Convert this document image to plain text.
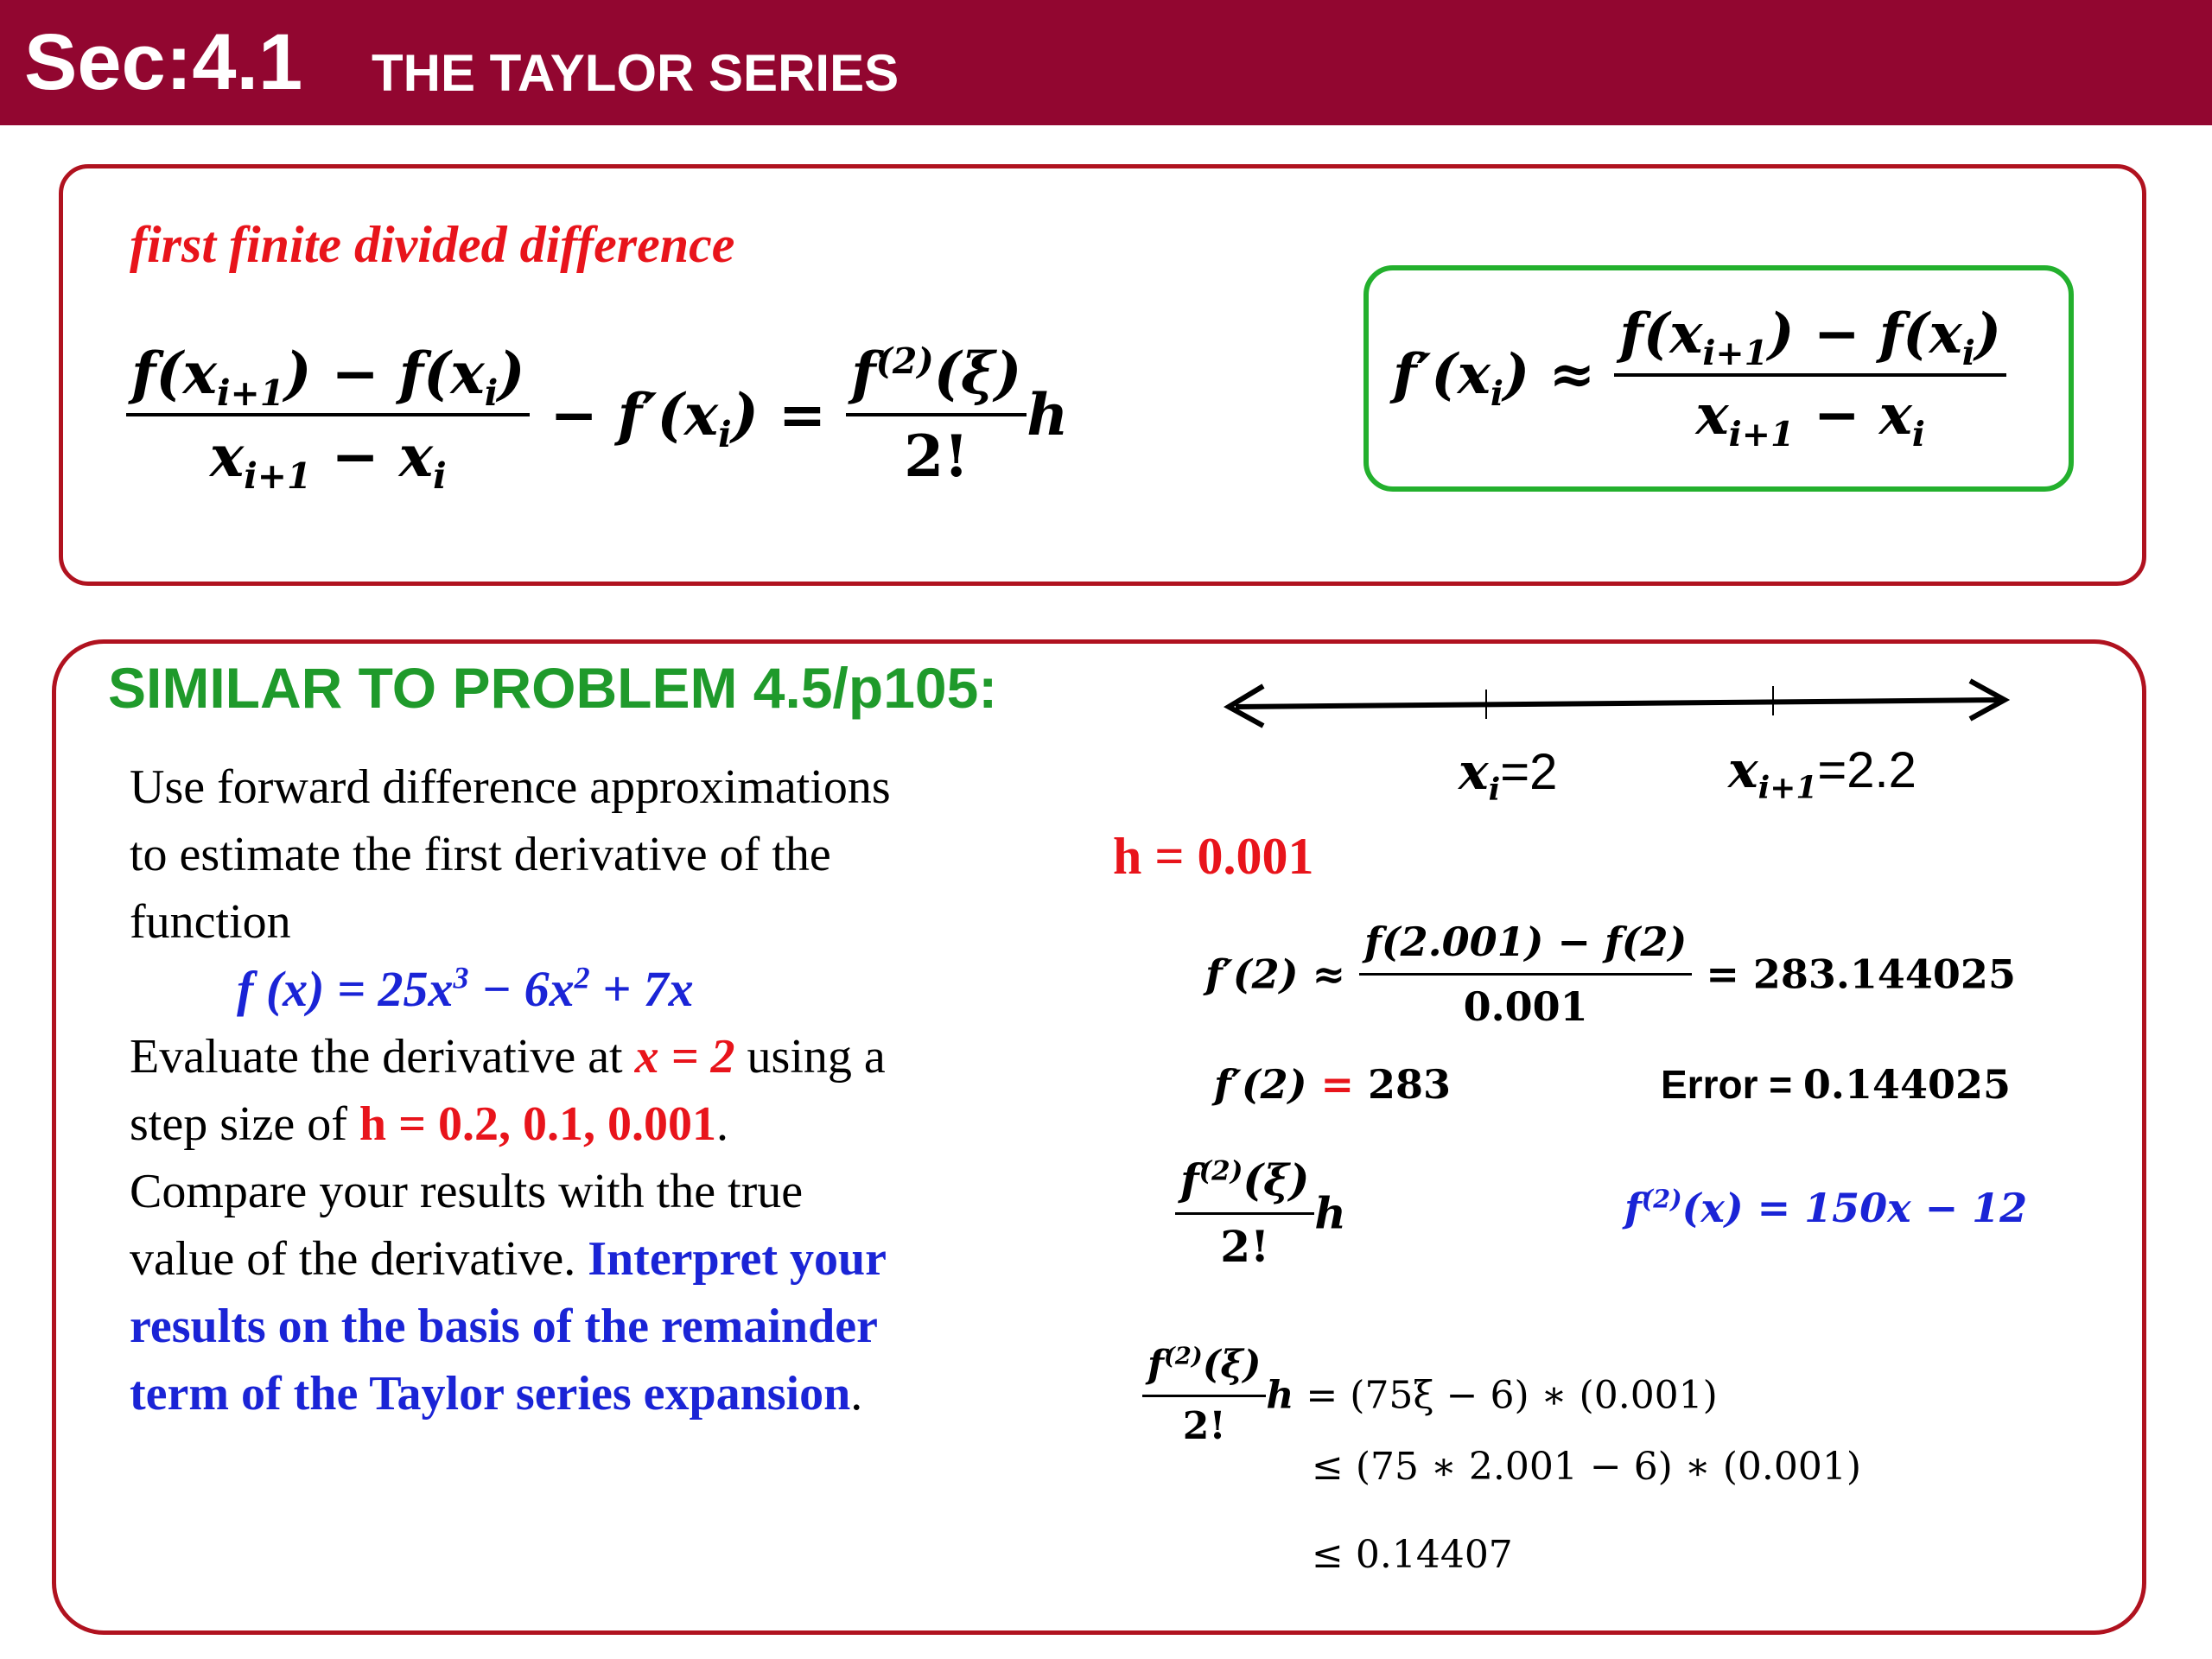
Sec:4.1 THE TAYLOR SERIES
first finite divided difference
$\frac{f(x_{i+1}) - f(x_i)}{x_{i+1} - x_i} - f'(x_i) = \frac{f^{(2)}(\xi)}{2!}$ h
$f'(x_i) \approx \frac{f(x_{i+1}) - f(x_i)}{x_{i+1} - x_i}$
SIMILAR TO PROBLEM 4.5/p105:
Use forward difference approximations
to estimate the first derivative of the
function
f $(x) = 25x^3 - 6x^2 + 7x$
Evaluate the derivative at x = 2 using a
step size of h = 0.2, 0.1, 0.001.
Compare your results with the true
value of the derivative. Interpret your
results on the basis of the remainder
term of the Taylor series expansion.
$x_i=2$	$x_{i+1}=2.2$
h = 0.001
$f'(2) \approx \frac{f(2.001) - f(2)}{0.001} = 283.144025$
f′(2) = 283	Error = 0.144025
$\frac{f^{(2)}(\xi)}{2!}$ h	$f^{(2)}(x) = 150x - 12$
$\frac{f^{(2)}(\xi)}{2!}$ h = (75ξ − 6) ∗ (0.001)
≤ (75 ∗ 2.001 − 6) ∗ (0.001)
≤ 0.14407
